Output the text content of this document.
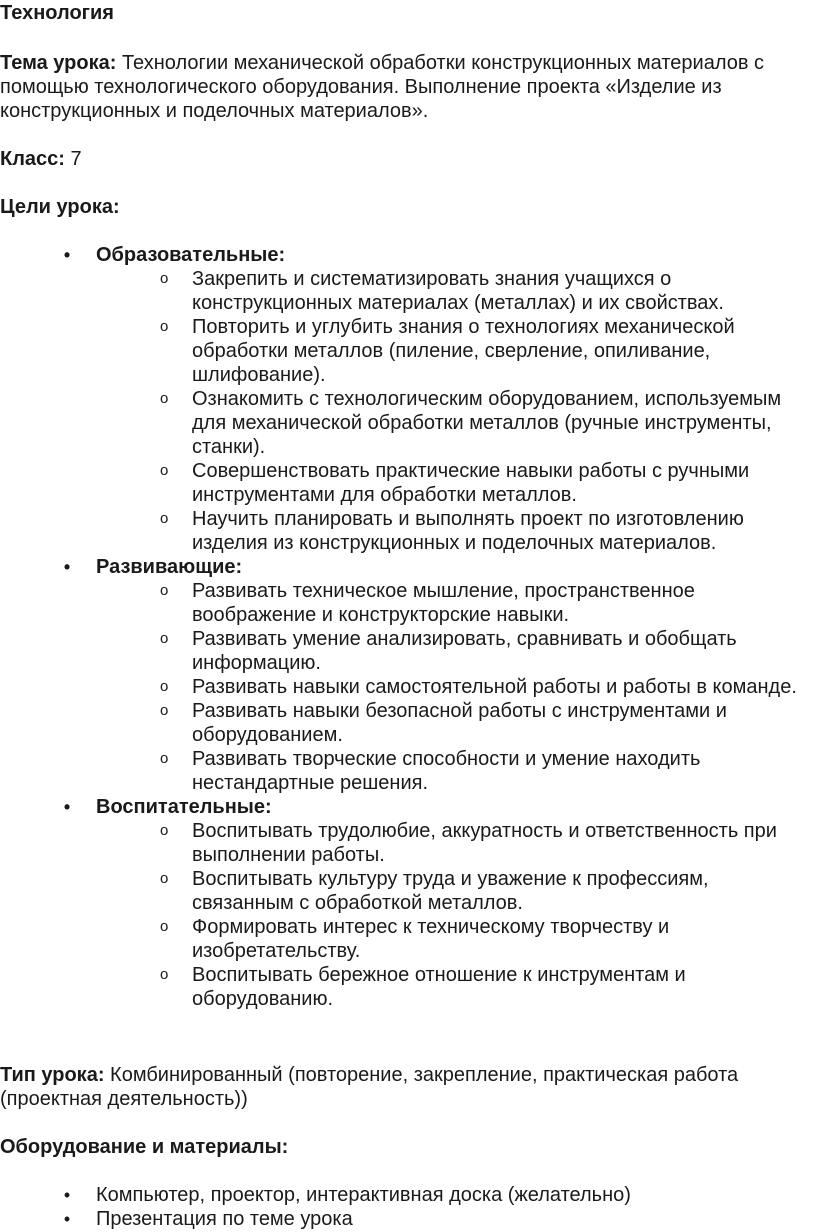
Технология

Тема урока: Технологии механической обработки конструкционных материалов с помощью технологического оборудования. Выполнение проекта «Изделие из конструкционных и поделочных материалов».

Класс: 7

Цели урока:

• Образовательные:
o Закрепить и систематизировать знания учащихся о конструкционных материалах (металлах) и их свойствах.
o Повторить и углубить знания о технологиях механической обработки металлов (пиление, сверление, опиливание, шлифование).
o Ознакомить с технологическим оборудованием, используемым для механической обработки металлов (ручные инструменты, станки).
o Совершенствовать практические навыки работы с ручными инструментами для обработки металлов.
o Научить планировать и выполнять проект по изготовлению изделия из конструкционных и поделочных материалов.
• Развивающие:
o Развивать техническое мышление, пространственное воображение и конструкторские навыки.
o Развивать умение анализировать, сравнивать и обобщать информацию.
o Развивать навыки самостоятельной работы и работы в команде.
o Развивать навыки безопасной работы с инструментами и оборудованием.
o Развивать творческие способности и умение находить нестандартные решения.
• Воспитательные:
o Воспитывать трудолюбие, аккуратность и ответственность при выполнении работы.
o Воспитывать культуру труда и уважение к профессиям, связанным с обработкой металлов.
o Формировать интерес к техническому творчеству и изобретательству.
o Воспитывать бережное отношение к инструментам и оборудованию.

Тип урока: Комбинированный (повторение, закрепление, практическая работа (проектная деятельность))

Оборудование и материалы:

• Компьютер, проектор, интерактивная доска (желательно)
• Презентация по теме урока
